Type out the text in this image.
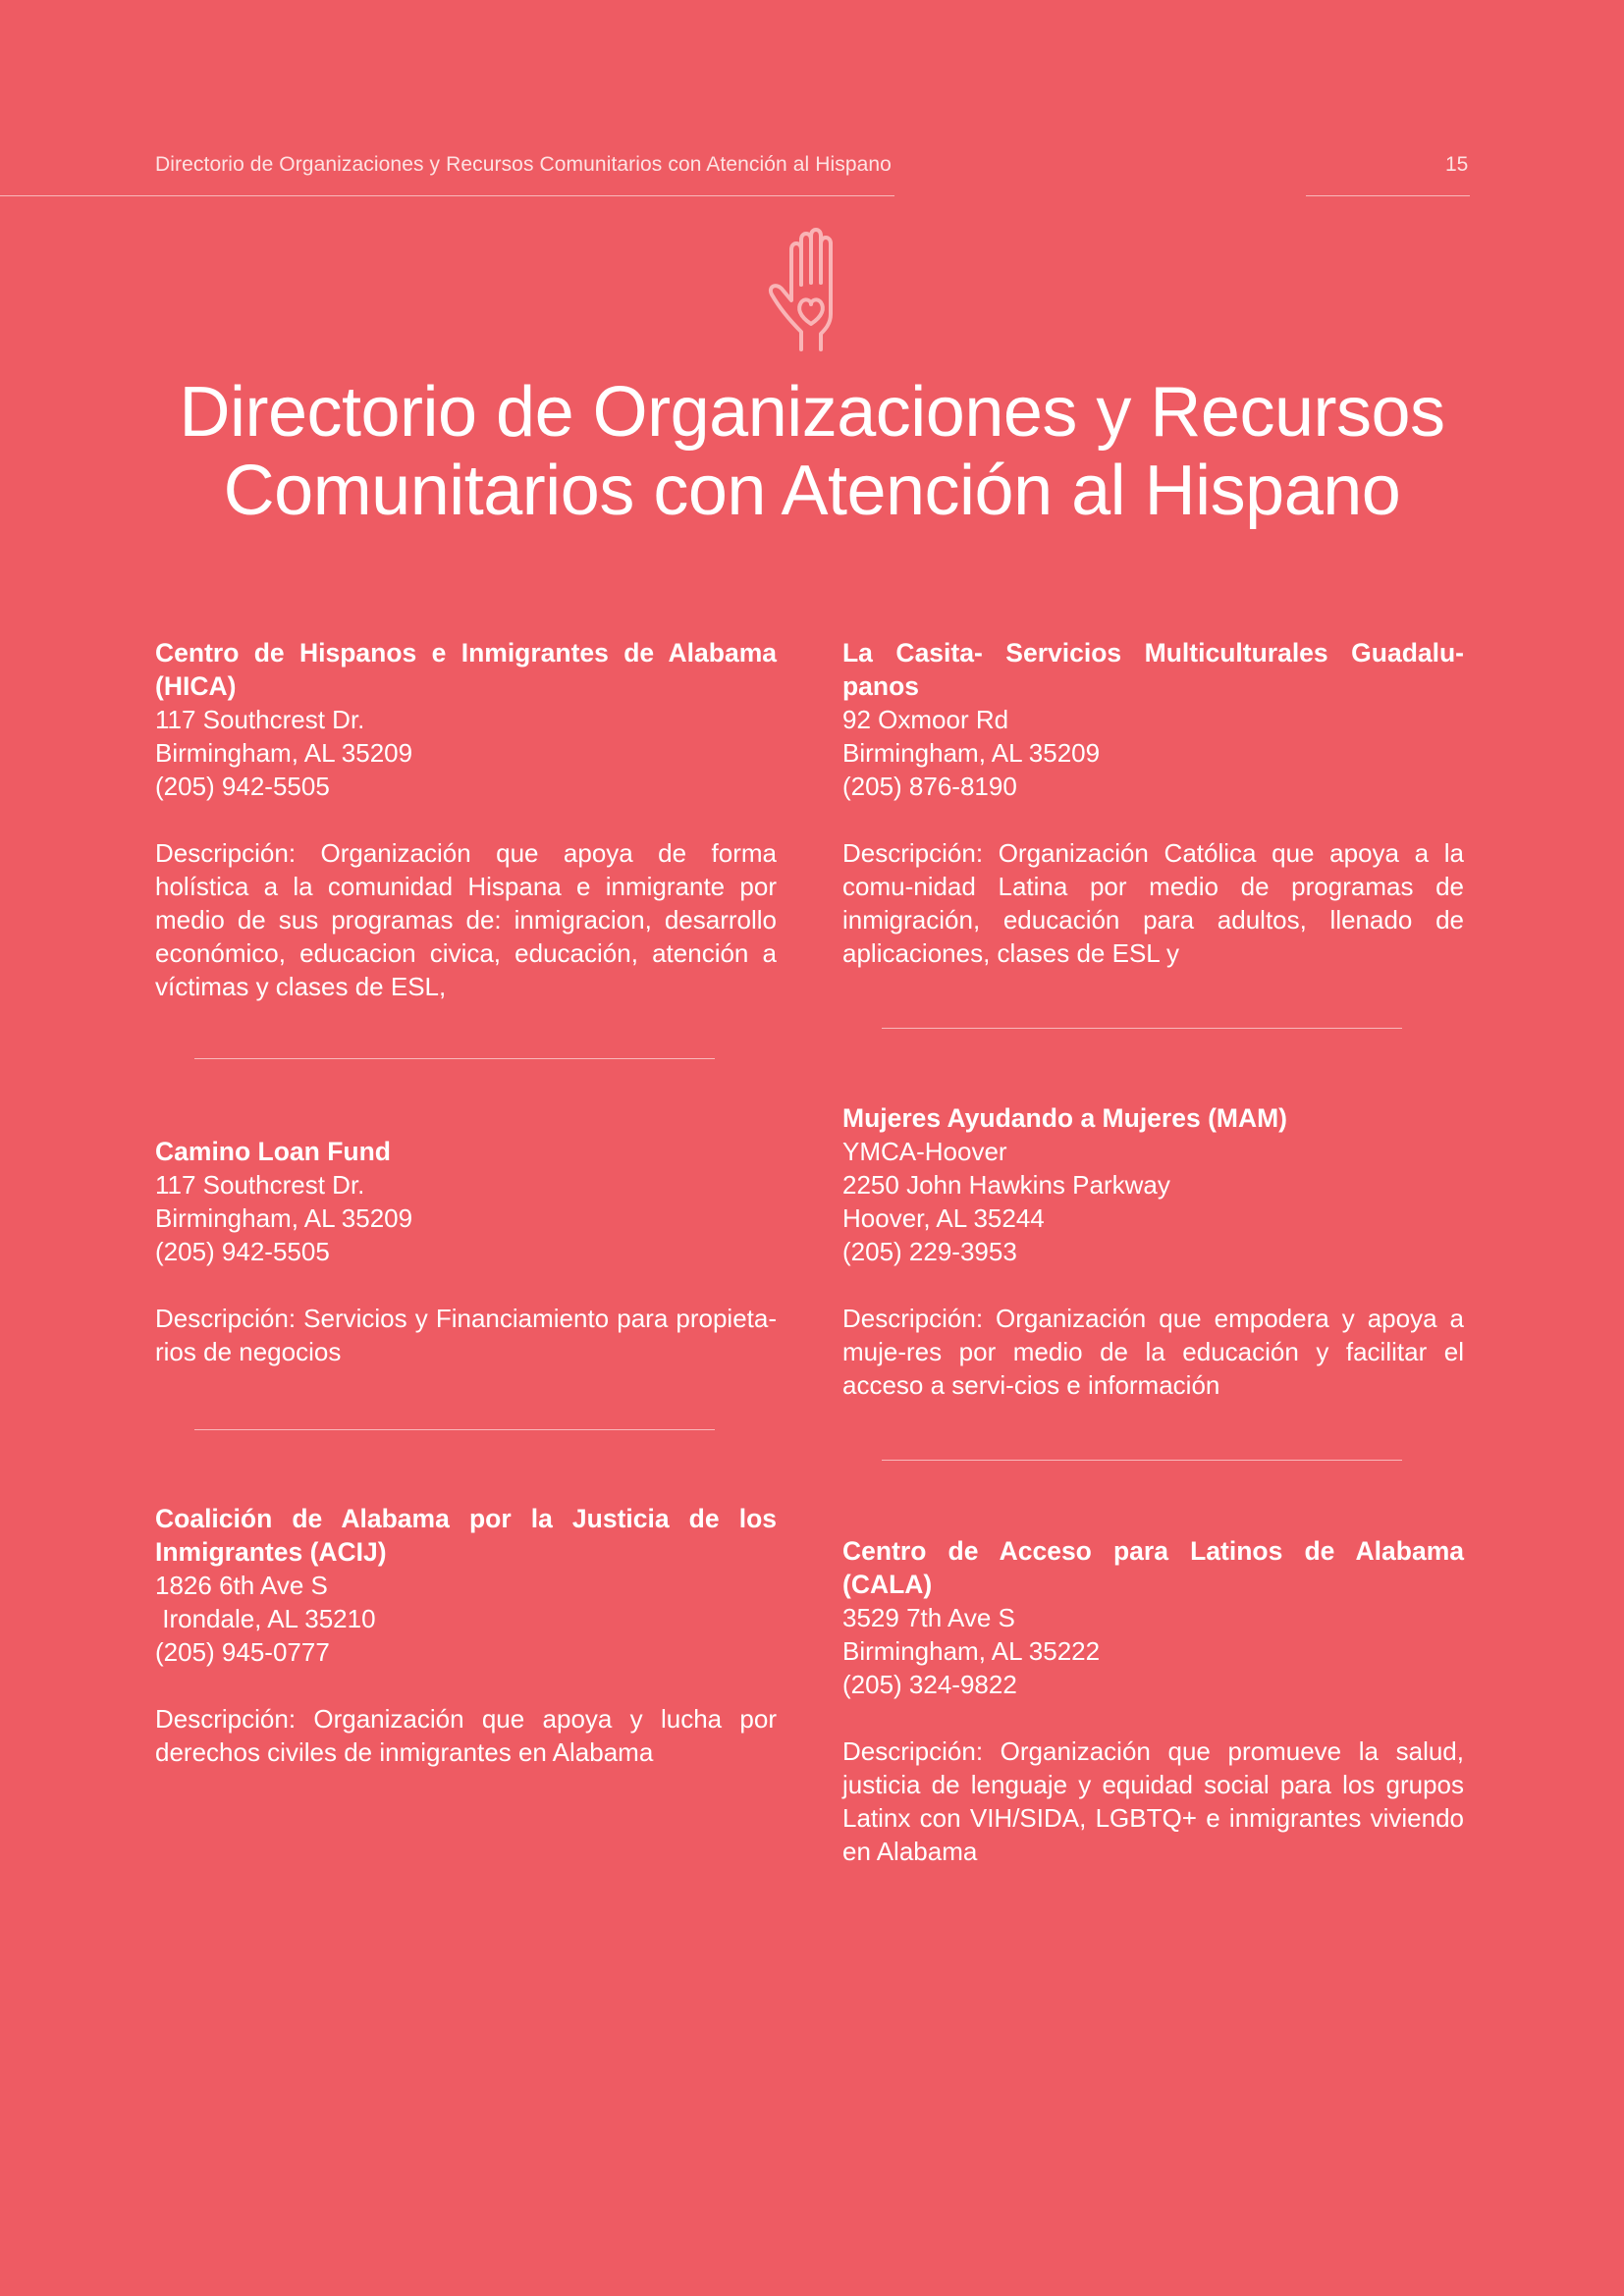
Directorio de Organizaciones y Recursos Comunitarios con Atención al Hispano	15
Directorio de Organizaciones y Recursos
Comunitarios con Atención al Hispano
Centro de Hispanos e Inmigrantes de Alabama (HICA)
117 Southcrest Dr.
Birmingham, AL 35209
(205) 942-5505
Descripción: Organización que apoya de forma holística a la comunidad Hispana e inmigrante por medio de sus programas de: inmigracion, desarrollo económico, educacion civica, educación, atención a víctimas y clases de ESL,
Camino Loan Fund
117 Southcrest Dr.
Birmingham, AL 35209
(205) 942-5505
Descripción: Servicios y Financiamiento para propieta-rios de negocios
Coalición de Alabama por la Justicia de los Inmigrantes (ACIJ)
1826 6th Ave S
Irondale, AL 35210
(205) 945-0777
Descripción: Organización que apoya y lucha por derechos civiles de inmigrantes en Alabama
La Casita- Servicios Multiculturales Guadalu-panos
92 Oxmoor Rd
Birmingham, AL 35209
(205) 876-8190
Descripción: Organización Católica que apoya a la comu-nidad Latina por medio de programas de inmigración, educación para adultos, llenado de aplicaciones, clases de ESL y
Mujeres Ayudando a Mujeres (MAM)
YMCA-Hoover
2250 John Hawkins Parkway
Hoover, AL 35244
(205) 229-3953
Descripción: Organización que empodera y apoya a muje-res por medio de la educación y facilitar el acceso a servi-cios e información
Centro de Acceso para Latinos de Alabama (CALA)
3529 7th Ave S
Birmingham, AL 35222
(205) 324-9822
Descripción: Organización que promueve la salud, justicia de lenguaje y equidad social para los grupos Latinx con VIH/SIDA, LGBTQ+ e inmigrantes viviendo en Alabama
